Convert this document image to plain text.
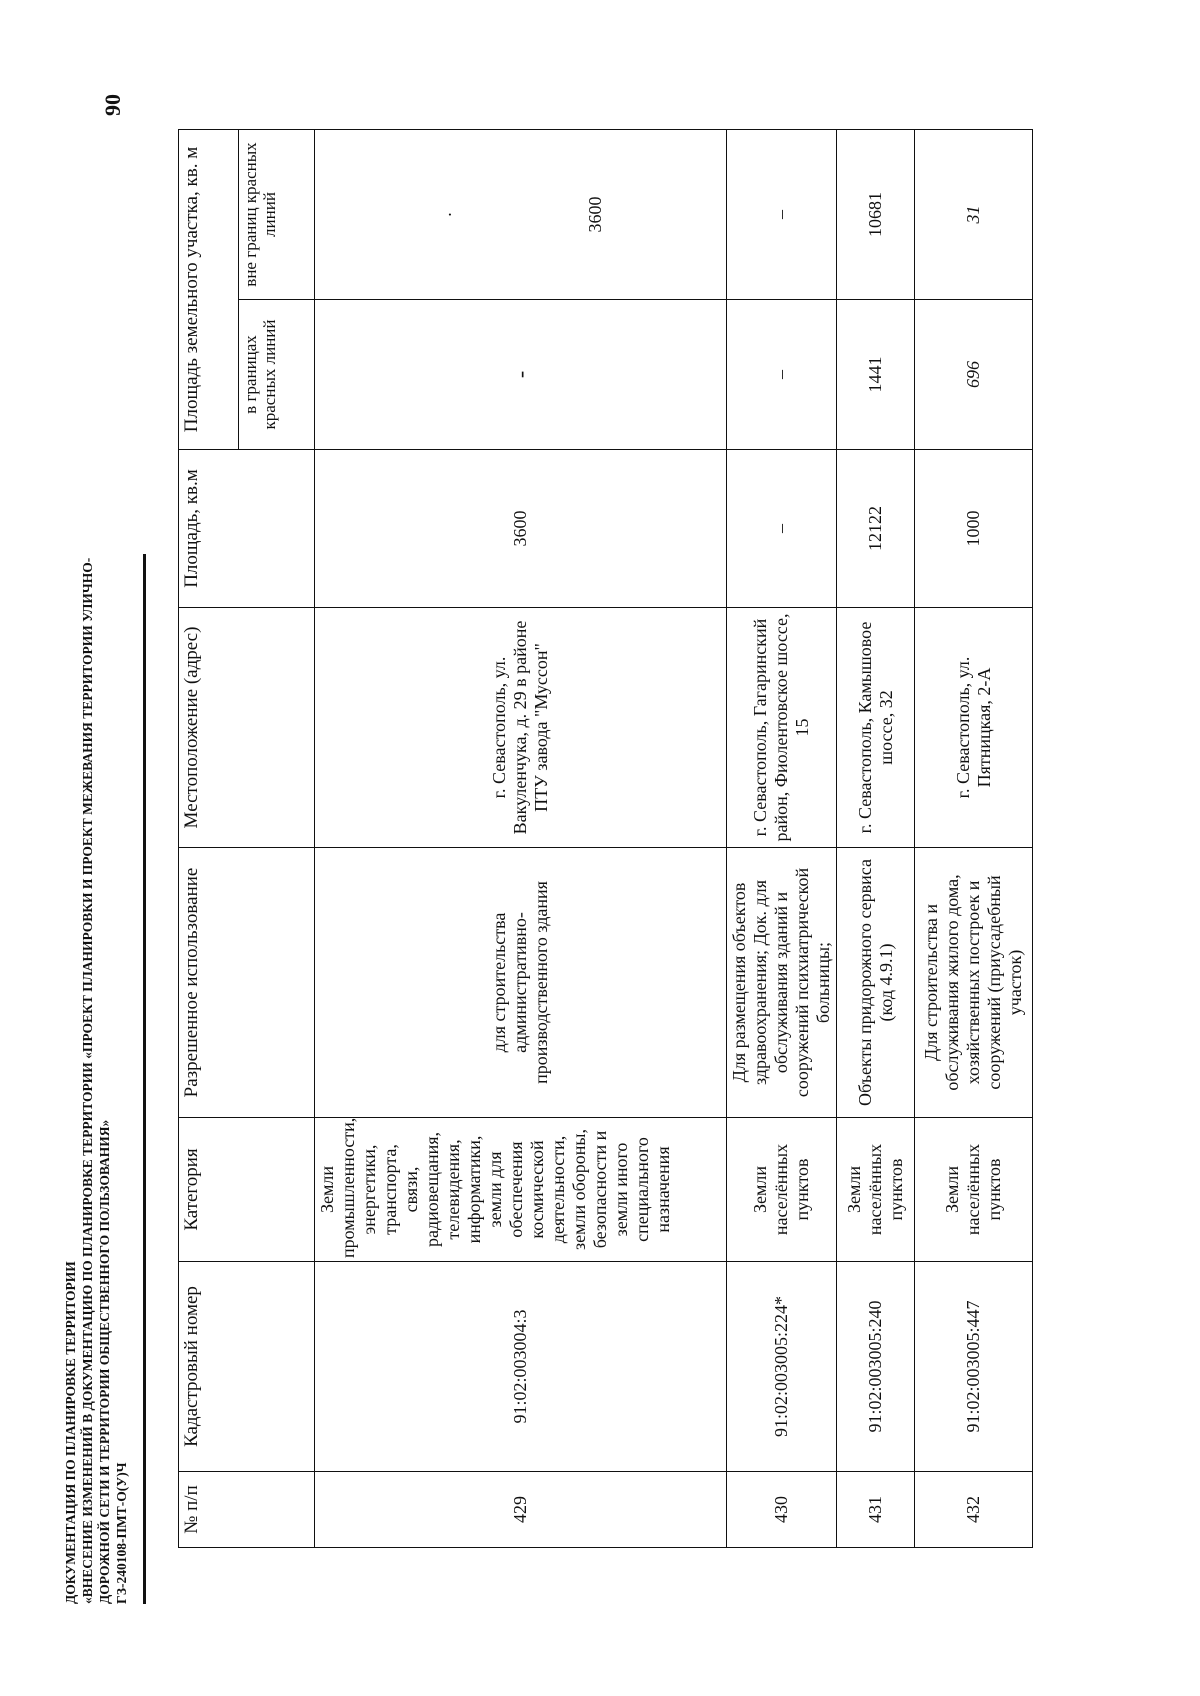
90
ДОКУМЕНТАЦИЯ ПО ПЛАНИРОВКЕ ТЕРРИТОРИИ «ВНЕСЕНИЕ ИЗМЕНЕНИЙ В ДОКУМЕНТАЦИЮ ПО ПЛАНИРОВКЕ ТЕРРИТОРИИ «ПРОЕКТ ПЛАНИРОВКИ И ПРОЕКТ МЕЖЕВАНИЯ ТЕРРИТОРИИ УЛИЧНО- ДОРОЖНОЙ СЕТИ И ТЕРРИТОРИИ ОБЩЕСТВЕННОГО ПОЛЬЗОВАНИЯ» ГЗ-240108-ПМТ-О(У)Ч	№ п/п	Кадастровый номер	Категория	Разрешенное использование	Местоположение (адрес)	Площадь, кв.м	Площадь земельного участка, кв. м	
						в границах красных линий	вне границ красных линий
429	91:02:003004:3	Земли промышленности, энергетики, транспорта, связи, радиовещания, телевидения, информатики, земли для обеспечения космической деятельности, земли обороны, безопасности и земли иного специального назначения	для строительства административно-производственного здания	г. Севастополь, ул. Вакуленчука, д. 29 в районе ПТУ завода "Муссон"	3600	-	. 3600

430	91:02:003005:224*	Земли населённых пунктов	Для размещения объектов здравоохранения; Док. для обслуживания зданий и сооружений психиатрической больницы;	г. Севастополь, Гагаринский район, Фиолентовское шоссе, 15	–	–	–
431	91:02:003005:240	Земли населённых пунктов	Объекты придорожного сервиса (код 4.9.1)	г. Севастополь, Камышовое шоссе, 32	12122	1441	10681
432	91:02:003005:447	Земли населённых пунктов	Для строительства и обслуживания жилого дома, хозяйственных построек и сооружений (приусадебный участок)	г. Севастополь, ул. Пятницкая, 2-А	1000	696	31
